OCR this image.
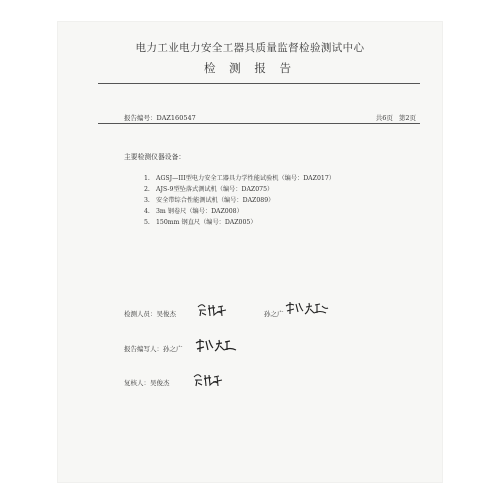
电力工业电力安全工器具质量监督检验测试中心
检 测 报 告
报告编号：DAZ160547	共6页 第2页
主要检测仪器设备：
1. AGSJ—III型电力安全工器具力学性能试验机（编号：DAZ017）
2. AJS-9型坠落式测试机（编号：DAZ075）
3. 安全带综合性能测试机（编号：DAZ089）
4. 3m 钢卷尺（编号：DAZ008）
5. 150mm 钢直尺（编号：DAZ005）
检测人员：吴俊杰	孙之广
报告编写人：孙之广
复核人：吴俊杰
